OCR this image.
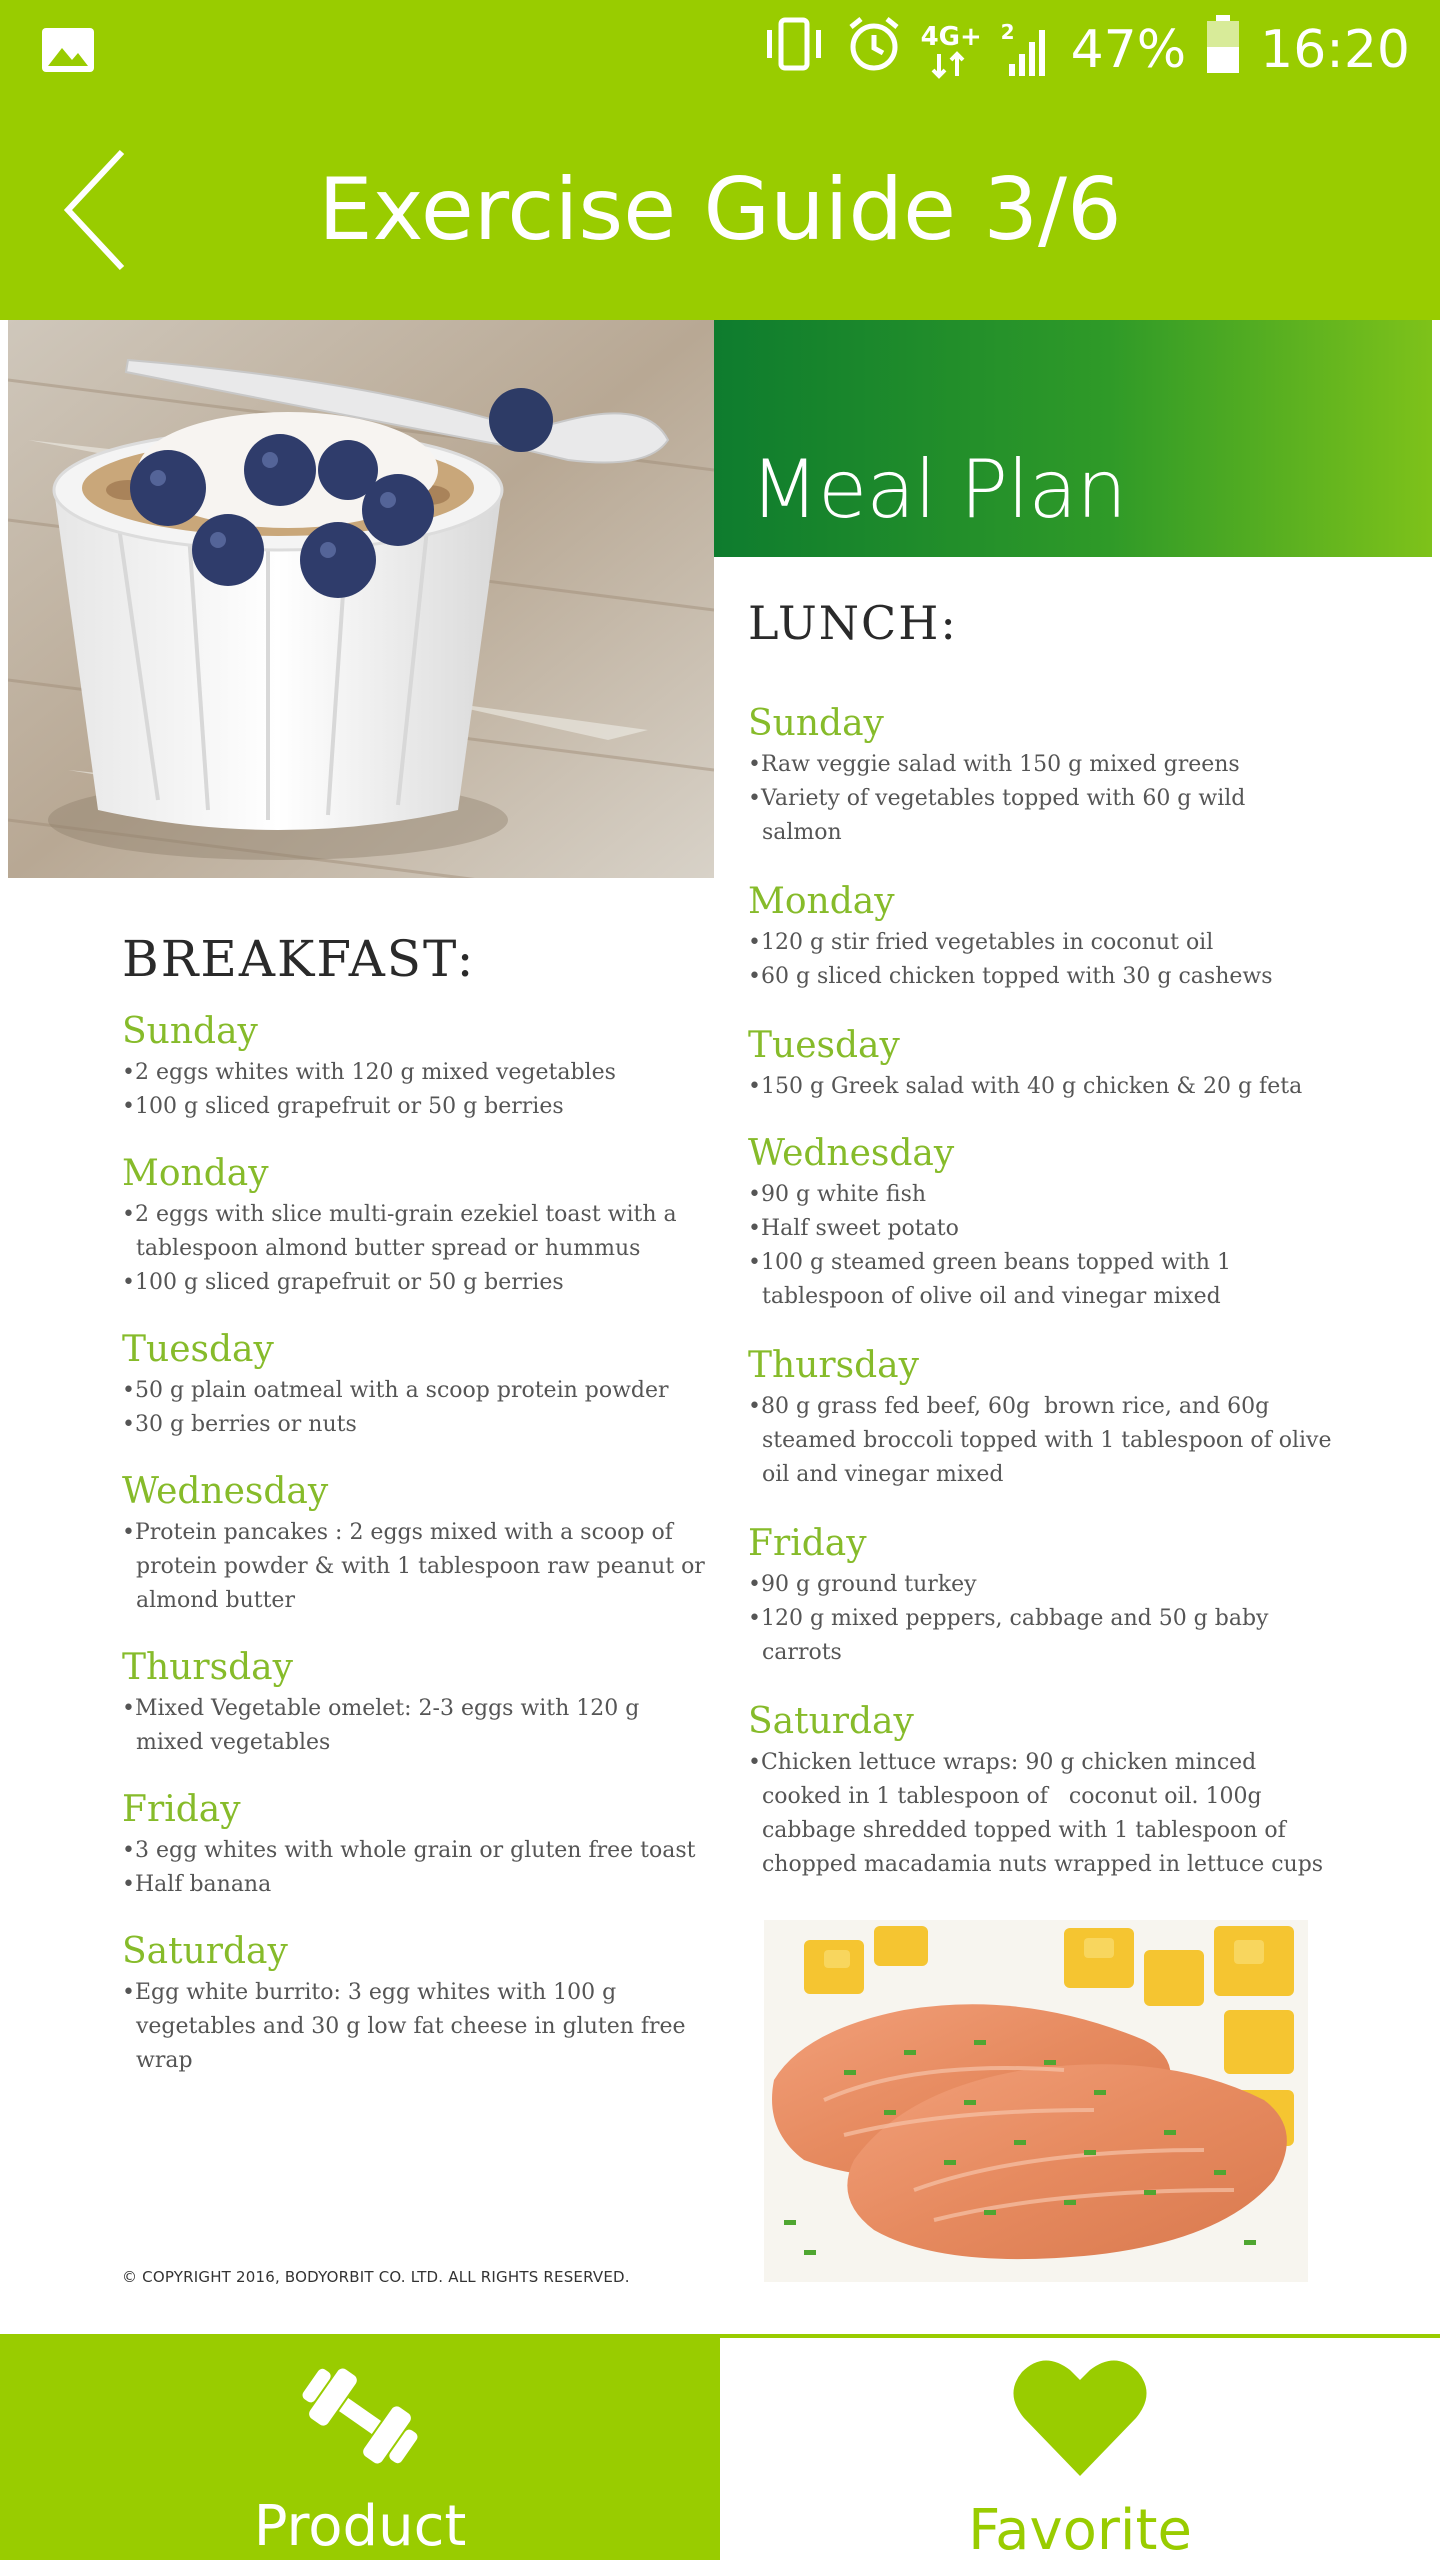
4G+ 2 47% 16:20
Exercise Guide 3/6
Meal Plan
LUNCH:
Sunday
•Raw veggie salad with 150 g mixed greens
•Variety of vegetables topped with 60 g wild
salmon
Monday
•120 g stir fried vegetables in coconut oil
•60 g sliced chicken topped with 30 g cashews
Tuesday
•150 g Greek salad with 40 g chicken & 20 g feta
Wednesday
•90 g white fish
•Half sweet potato
•100 g steamed green beans topped with 1
tablespoon of olive oil and vinegar mixed
Thursday
•80 g grass fed beef, 60g  brown rice, and 60g
steamed broccoli topped with 1 tablespoon of olive
oil and vinegar mixed
Friday
•90 g ground turkey
•120 g mixed peppers, cabbage and 50 g baby
carrots
Saturday
•Chicken lettuce wraps: 90 g chicken minced
cooked in 1 tablespoon of   coconut oil. 100g
cabbage shredded topped with 1 tablespoon of
chopped macadamia nuts wrapped in lettuce cups
BREAKFAST:
Sunday
•2 eggs whites with 120 g mixed vegetables
•100 g sliced grapefruit or 50 g berries
Monday
•2 eggs with slice multi-grain ezekiel toast with a
tablespoon almond butter spread or hummus
•100 g sliced grapefruit or 50 g berries
Tuesday
•50 g plain oatmeal with a scoop protein powder
•30 g berries or nuts
Wednesday
•Protein pancakes : 2 eggs mixed with a scoop of
protein powder & with 1 tablespoon raw peanut or
almond butter
Thursday
•Mixed Vegetable omelet: 2-3 eggs with 120 g
mixed vegetables
Friday
•3 egg whites with whole grain or gluten free toast
•Half banana
Saturday
•Egg white burrito: 3 egg whites with 100 g
vegetables and 30 g low fat cheese in gluten free
wrap
© COPYRIGHT 2016, BODYORBIT CO. LTD. ALL RIGHTS RESERVED.
Product	Favorite
